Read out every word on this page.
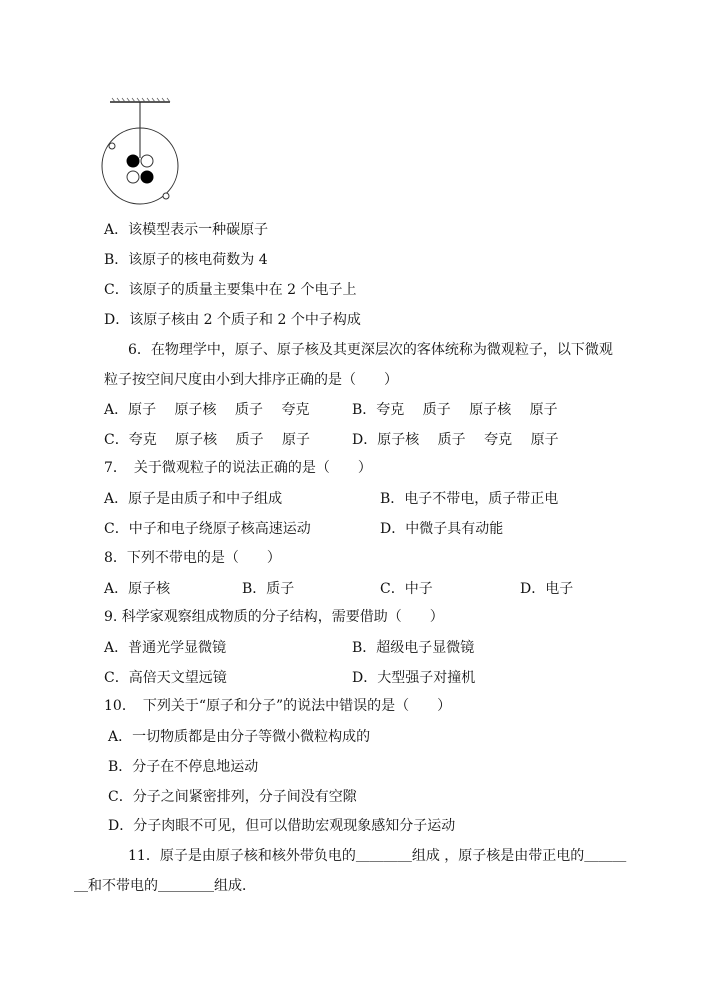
A．该模型表示一种碳原子
B．该原子的核电荷数为 4
C．该原子的质量主要集中在 2 个电子上
D．该原子核由 2 个质子和 2 个中子构成
6．在物理学中，原子、原子核及其更深层次的客体统称为微观粒子，以下微观
粒子按空间尺度由小到大排序正确的是（　　）
A．原子　 原子核　 质子　 夸克	B．夸克　 质子　 原子核　 原子
C．夸克　 原子核　 质子　 原子	D．原子核　 质子　 夸克　 原子
7．　关于微观粒子的说法正确的是（　　）
A．原子是由质子和中子组成	B．电子不带电，质子带正电
C．中子和电子绕原子核高速运动	D．中微子具有动能
8．下列不带电的是（　　）
A．原子核	B．质子	C．中子	D．电子
9. 科学家观察组成物质的分子结构，需要借助（　　）
A．普通光学显微镜	B．超级电子显微镜
C．高倍天文望远镜	D．大型强子对撞机
10．　下列关于“原子和分子”的说法中错误的是（　　）
A．一切物质都是由分子等微小微粒构成的
B．分子在不停息地运动
C．分子之间紧密排列，分子间没有空隙
D．分子肉眼不可见，但可以借助宏观现象感知分子运动
11．原子是由原子核和核外带负电的＿＿＿＿组成 ，原子核是由带正电的＿＿＿
＿和不带电的＿＿＿＿组成．
